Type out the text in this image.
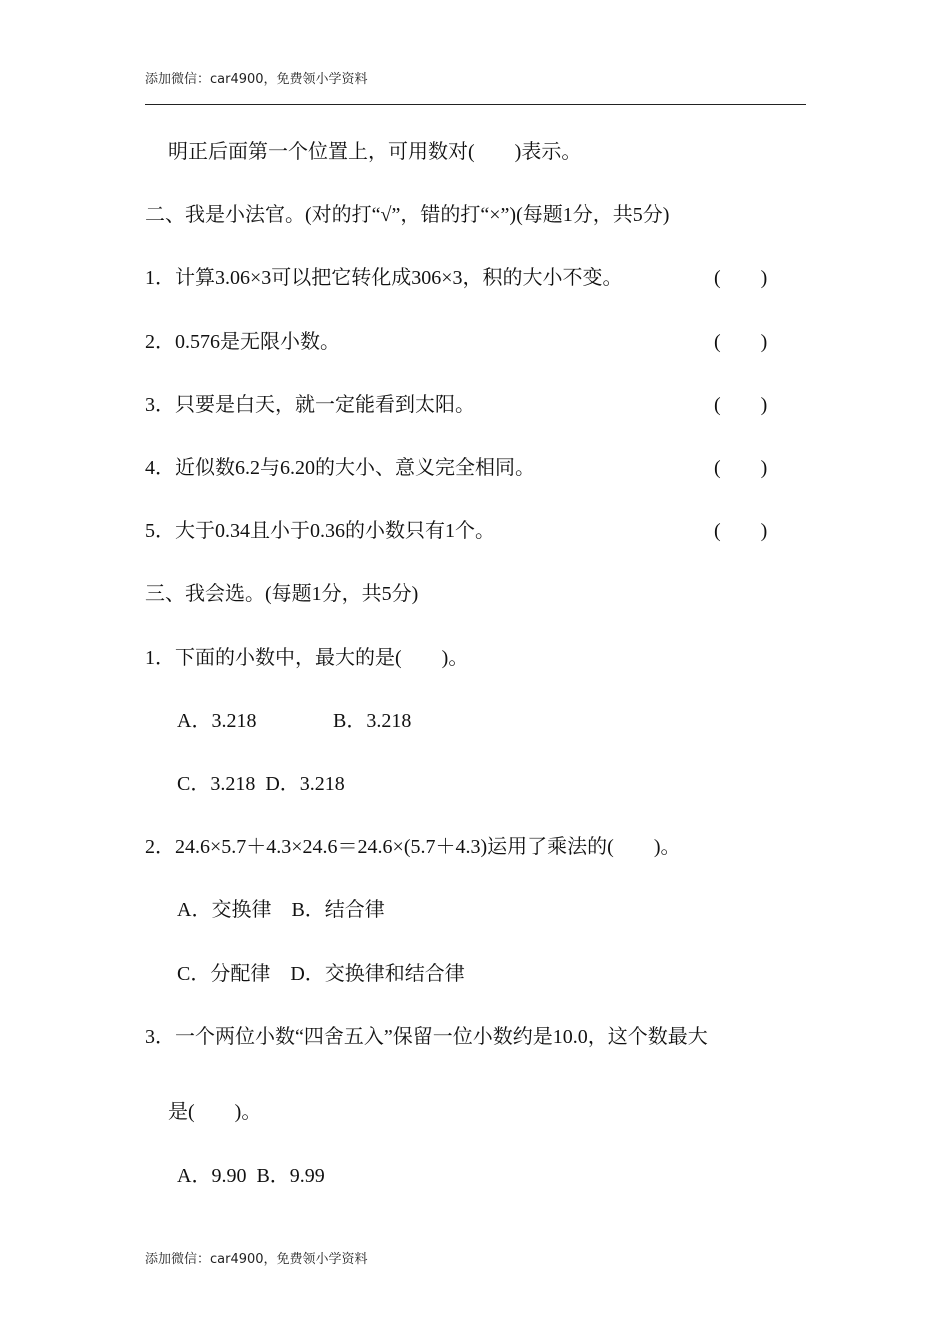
添加微信：car4900，免费领小学资料
明正后面第一个位置上，可用数对(　　)表示。
二、我是小法官。(对的打“√”，错的打“×”)(每题1分，共5分)
1．计算3.06×3可以把它转化成306×3，积的大小不变。	(　　)
2．0.576是无限小数。	(　　)
3．只要是白天，就一定能看到太阳。	(　　)
4．近似数6.2与6.20的大小、意义完全相同。	(　　)
5．大于0.34且小于0.36的小数只有1个。	(　　)
三、我会选。(每题1分，共5分)
1．下面的小数中，最大的是(　　)。
A．3.218	B．3.218
C．3.218  D．3.218
2．24.6×5.7＋4.3×24.6＝24.6×(5.7＋4.3)运用了乘法的(　　)。
A．交换律　B．结合律
C．分配律　D．交换律和结合律
3．一个两位小数“四舍五入”保留一位小数约是10.0，这个数最大
是(　　)。
A．9.90  B．9.99
添加微信：car4900，免费领小学资料
